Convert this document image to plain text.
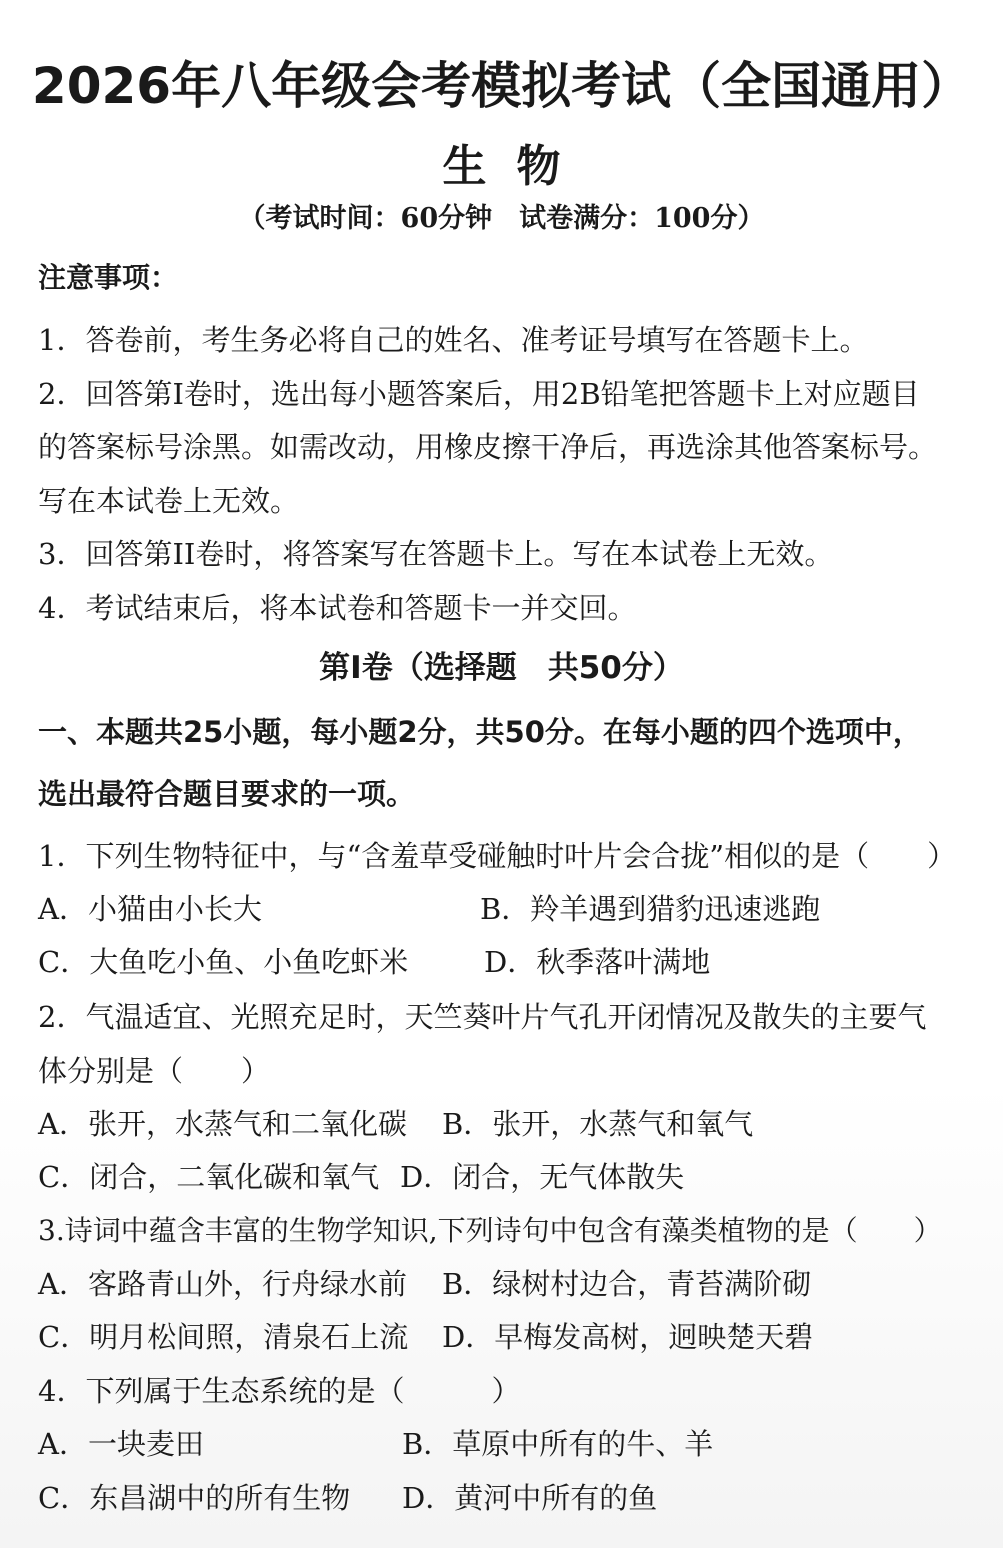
2026年八年级会考模拟考试（全国通用）
生物
（考试时间：60分钟　试卷满分：100分）
注意事项：
1．答卷前，考生务必将自己的姓名、准考证号填写在答题卡上。
2．回答第I卷时，选出每小题答案后，用2B铅笔把答题卡上对应题目
的答案标号涂黑。如需改动，用橡皮擦干净后，再选涂其他答案标号。
写在本试卷上无效。
3．回答第II卷时，将答案写在答题卡上。写在本试卷上无效。
4．考试结束后，将本试卷和答题卡一并交回。
第I卷（选择题　共50分）
一、本题共25小题，每小题2分，共50分。在每小题的四个选项中，
选出最符合题目要求的一项。
1．下列生物特征中，与“含羞草受碰触时叶片会合拢”相似的是（　　）
A．小猫由小长大	B．羚羊遇到猎豹迅速逃跑
C．大鱼吃小鱼、小鱼吃虾米	D．秋季落叶满地
2．气温适宜、光照充足时，天竺葵叶片气孔开闭情况及散失的主要气
体分别是（　　）
A．张开，水蒸气和二氧化碳 B．张开，水蒸气和氧气
C．闭合，二氧化碳和氧气 D．闭合，无气体散失
3.诗词中蕴含丰富的生物学知识,下列诗句中包含有藻类植物的是（　　）
A．客路青山外，行舟绿水前 B．绿树村边合，青苔满阶砌
C．明月松间照，清泉石上流 D．早梅发高树，迥映楚天碧
4．下列属于生态系统的是（　　　）
A．一块麦田	B．草原中所有的牛、羊
C．东昌湖中的所有生物 D．黄河中所有的鱼
